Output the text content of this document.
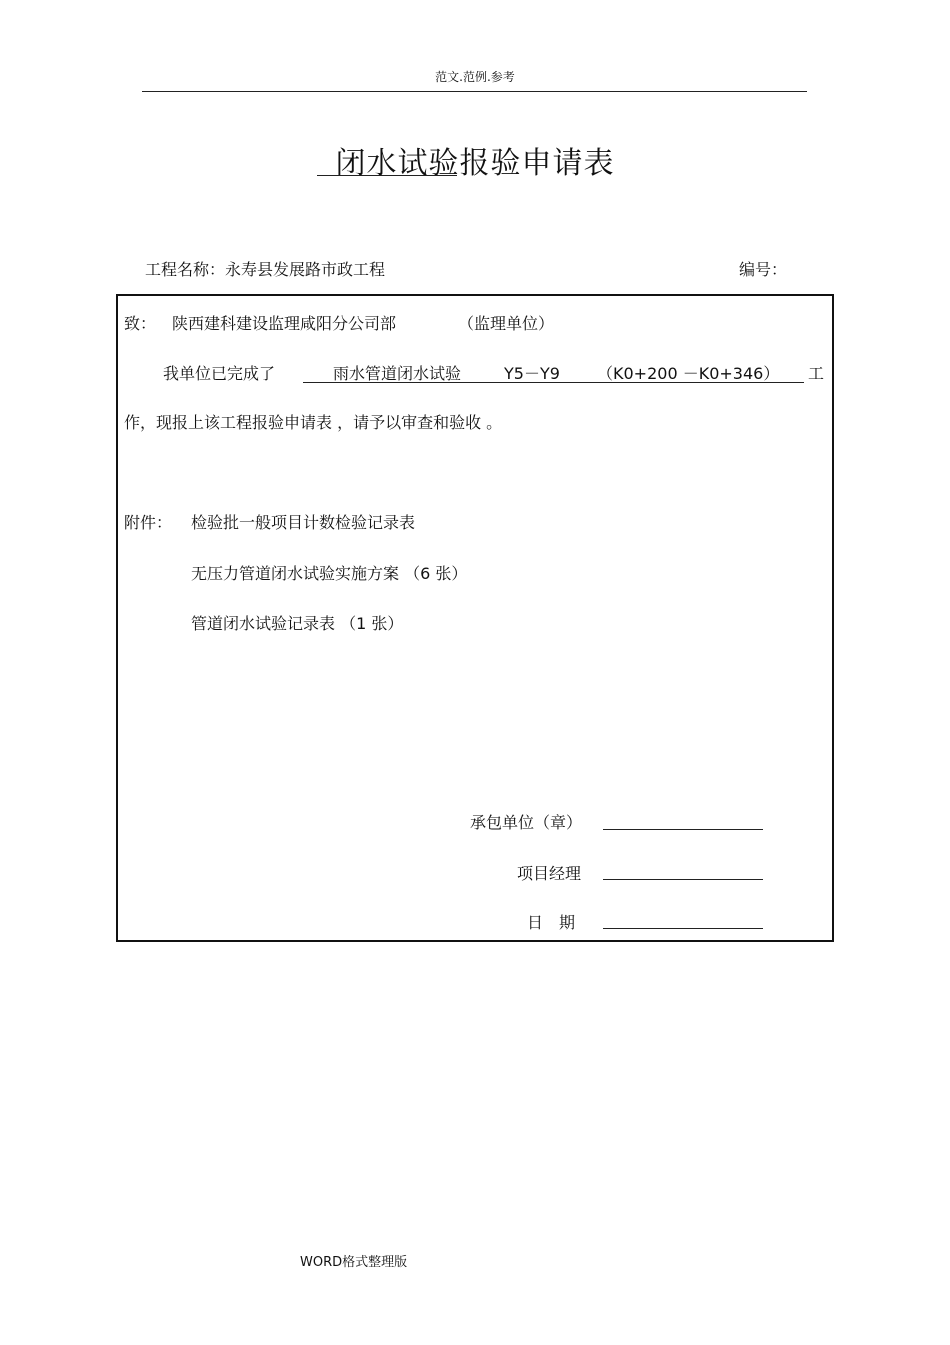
范文.范例.参考
闭水试验报验申请表
工程名称：永寿县发展路市政工程	编号：
致： 陕西建科建设监理咸阳分公司部	（监理单位）
我单位已完成了	雨水管道闭水试验	Y5－Y9 （K0+200 －K0+346） 工
作，现报上该工程报验申请表 ，请予以审查和验收 。
附件： 检验批一般项目计数检验记录表
无压力管道闭水试验实施方案 （6 张）
管道闭水试验记录表 （1 张）
承包单位（章）
项目经理
日　期
WORD格式整理版
